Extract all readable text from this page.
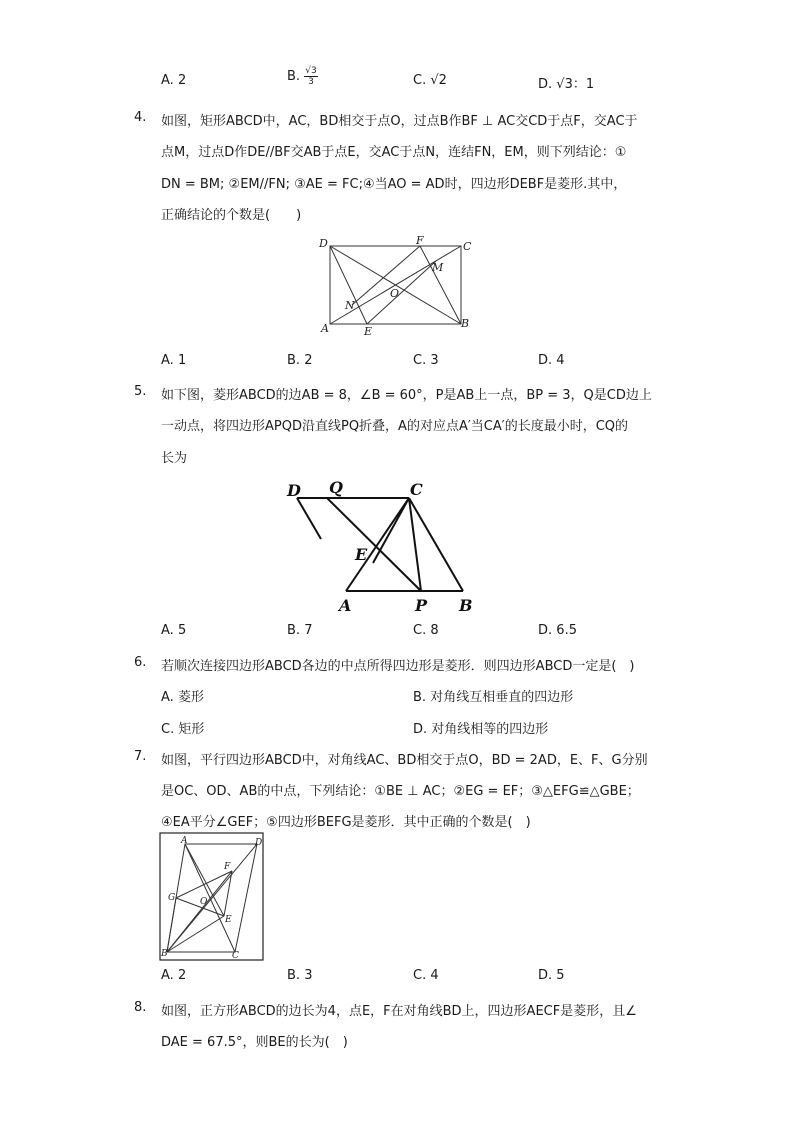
A. 2	B. $\frac{√3}{3}$	C. √2	D. √3：1
4. 如图，矩形ABCD中，AC，BD相交于点O，过点B作BF ⊥ AC交CD于点F，交AC于
点M，过点D作DE//BF交AB于点E，交AC于点N，连结FN，EM，则下列结论：①
DN = BM; ②EM//FN; ③AE = FC;④当AO = AD时，四边形DEBF是菱形.其中，
正确结论的个数是(　　)
D	F	C
M
O
N
A	E
B
A. 1	B. 2	C. 3	D. 4
5. 如下图，菱形ABCD的边AB = 8，∠B = 60°，P是AB上一点，BP = 3，Q是CD边上
一动点，将四边形APQD沿直线PQ折叠，A的对应点A′当CA′的长度最小时，CQ的
长为
D Q	C
E
A	P B
A. 5	B. 7	C. 8	D. 6.5
6. 若顺次连接四边形ABCD各边的中点所得四边形是菱形．则四边形ABCD一定是(　)
A. 菱形	B. 对角线互相垂直的四边形
C. 矩形	D. 对角线相等的四边形
7. 如图，平行四边形ABCD中，对角线AC、BD相交于点O，BD = 2AD，E、F、G分别
是OC、OD、AB的中点，下列结论：①BE ⊥ AC；②EG = EF；③△EFG≌△GBE；
④EA平分∠GEF；⑤四边形BEFG是菱形．其中正确的个数是(　)
A	D
F
G	O
E
B	C
A. 2	B. 3	C. 4	D. 5
8. 如图，正方形ABCD的边长为4，点E，F在对角线BD上，四边形AECF是菱形，且∠
DAE = 67.5°，则BE的长为(　)
